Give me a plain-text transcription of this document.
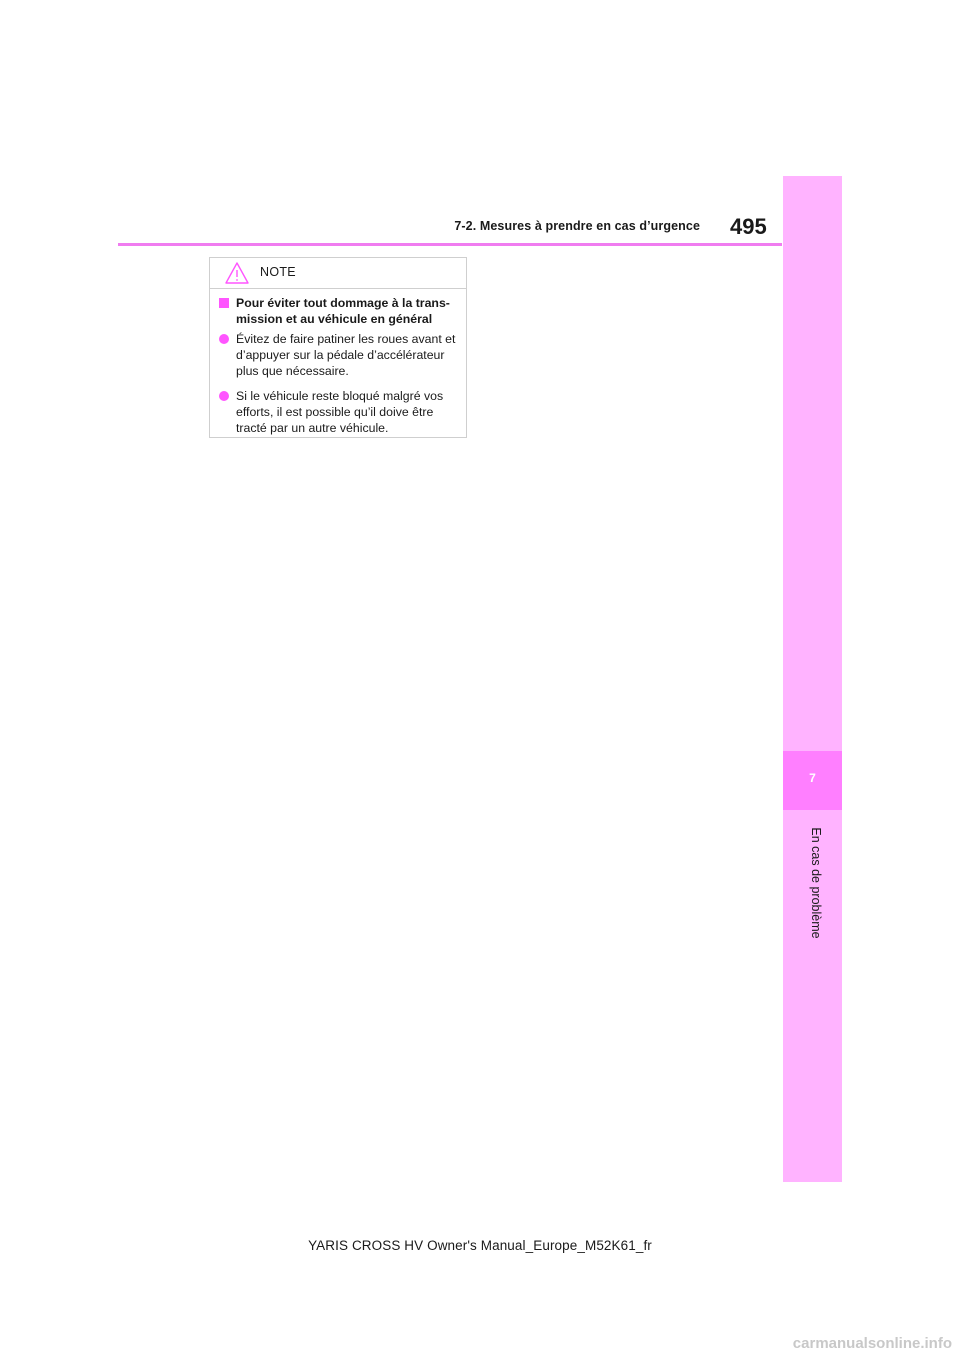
7-2. Mesures à prendre en cas d’urgence 495
7
En cas de problème
NOTE
Pour éviter tout dommage à la trans-mission et au véhicule en général
Évitez de faire patiner les roues avant et d’appuyer sur la pédale d’accélérateur plus que nécessaire.
Si le véhicule reste bloqué malgré vos efforts, il est possible qu’il doive être tracté par un autre véhicule.
YARIS CROSS HV Owner's Manual_Europe_M52K61_fr
carmanualsonline.info
